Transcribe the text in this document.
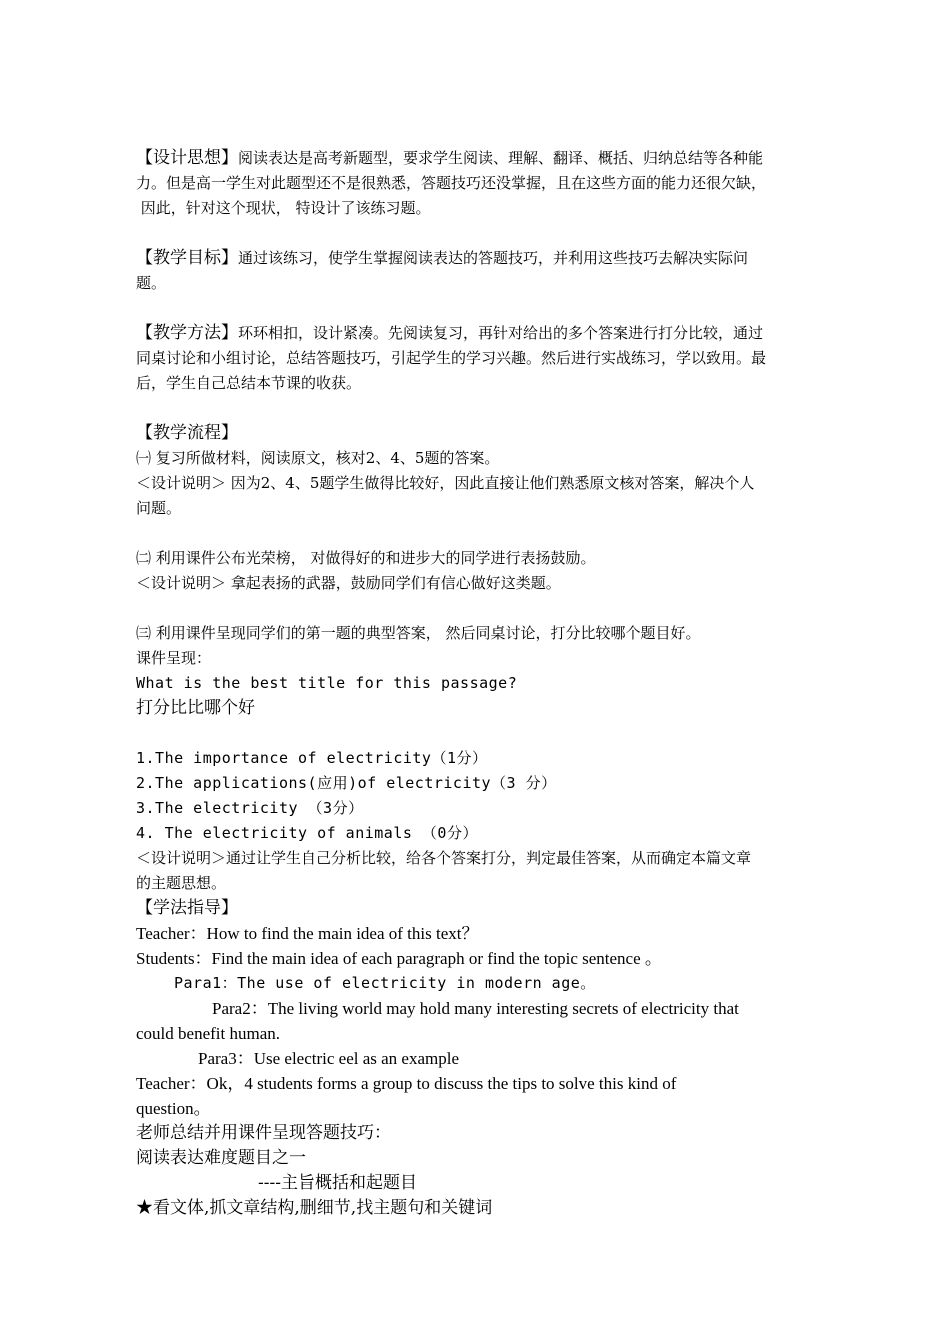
【设计思想】阅读表达是高考新题型，要求学生阅读、理解、翻译、概括、归纳总结等各种能
力。但是高一学生对此题型还不是很熟悉，答题技巧还没掌握，且在这些方面的能力还很欠缺，
因此，针对这个现状， 特设计了该练习题。
【教学目标】通过该练习，使学生掌握阅读表达的答题技巧，并利用这些技巧去解决实际问
题。
【教学方法】环环相扣，设计紧凑。先阅读复习，再针对给出的多个答案进行打分比较，通过
同桌讨论和小组讨论，总结答题技巧，引起学生的学习兴趣。然后进行实战练习，学以致用。最
后，学生自己总结本节课的收获。
【教学流程】
㈠ 复习所做材料，阅读原文，核对2、4、5题的答案。
＜设计说明＞ 因为2、4、5题学生做得比较好，因此直接让他们熟悉原文核对答案，解决个人
问题。
㈡ 利用课件公布光荣榜， 对做得好的和进步大的同学进行表扬鼓励。
＜设计说明＞ 拿起表扬的武器，鼓励同学们有信心做好这类题。
㈢ 利用课件呈现同学们的第一题的典型答案， 然后同桌讨论，打分比较哪个题目好。
课件呈现：
What is the best title for this passage?
打分比比哪个好
1.The importance of electricity（1分）
2.The applications(应用)of electricity（3 分）
3.The electricity （3分）
4. The electricity of animals （0分）
＜设计说明＞通过让学生自己分析比较，给各个答案打分，判定最佳答案，从而确定本篇文章
的主题思想。
【学法指导】
Teacher：How to find the main idea of this text？
Students：Find the main idea of each paragraph or find the topic sentence 。
Para1：The use of electricity in modern age。
Para2：The living world may hold many interesting secrets of electricity that
could benefit human.
Para3：Use electric eel as an example
Teacher：Ok，4 students forms a group to discuss the tips to solve this kind of
question。
老师总结并用课件呈现答题技巧：
阅读表达难度题目之一
----主旨概括和起题目
★看文体,抓文章结构,删细节,找主题句和关键词
